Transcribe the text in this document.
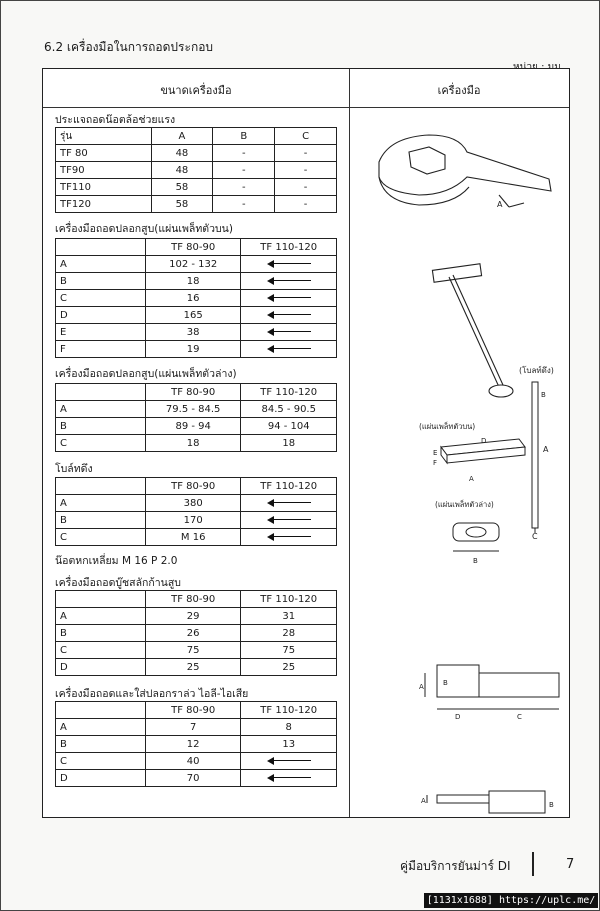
6.2 เครื่องมือในการถอดประกอบ
ขนาดเครื่องมือ	เครื่องมือ
ประแจถอดน๊อตล้อช่วยแรง
รุ่น	A	B	C
TF 80	48	-	-
TF90	48	-	-
TF110	58	-	-
TF120	58	-	-
เครื่องมือถอดปลอกสูบ(แผ่นเพล็ทตัวบน)
	TF 80-90	TF 110-120
A	102 - 132	
B	18	
C	16	
D	165	
E	38	
F	19	
เครื่องมือถอดปลอกสูบ(แผ่นเพล็ทตัวล่าง)
	TF 80-90	TF 110-120
A	79.5 - 84.5	84.5 - 90.5
B	89 - 94	94 - 104
C	18	18
โบล์ทดึง
	TF 80-90	TF 110-120
A	380	
B	170	
C	M 16	
น๊อตหกเหลี่ยม M 16 P 2.0
เครื่องมือถอดบู๊ชสลักก้านสูบ
	TF 80-90	TF 110-120
A	29	31
B	26	28
C	75	75
D	25	25
เครื่องมือถอดและใส่ปลอกราล่ว ไอลี-ไอเสีย
	TF 80-90	TF 110-120
A	7	8
B	12	13
C	40	
D	70	
A
(โบลท์ดึง)
B
A
C
(แผ่นเพล็ทตัวบน)
E
F
D
A
(แผ่นเพล็ทตัวล่าง)
B
A	B
D	C
A	B
คู่มือบริการยันม่าร์ DI	7
[1131x1688] https://uplc.me/
